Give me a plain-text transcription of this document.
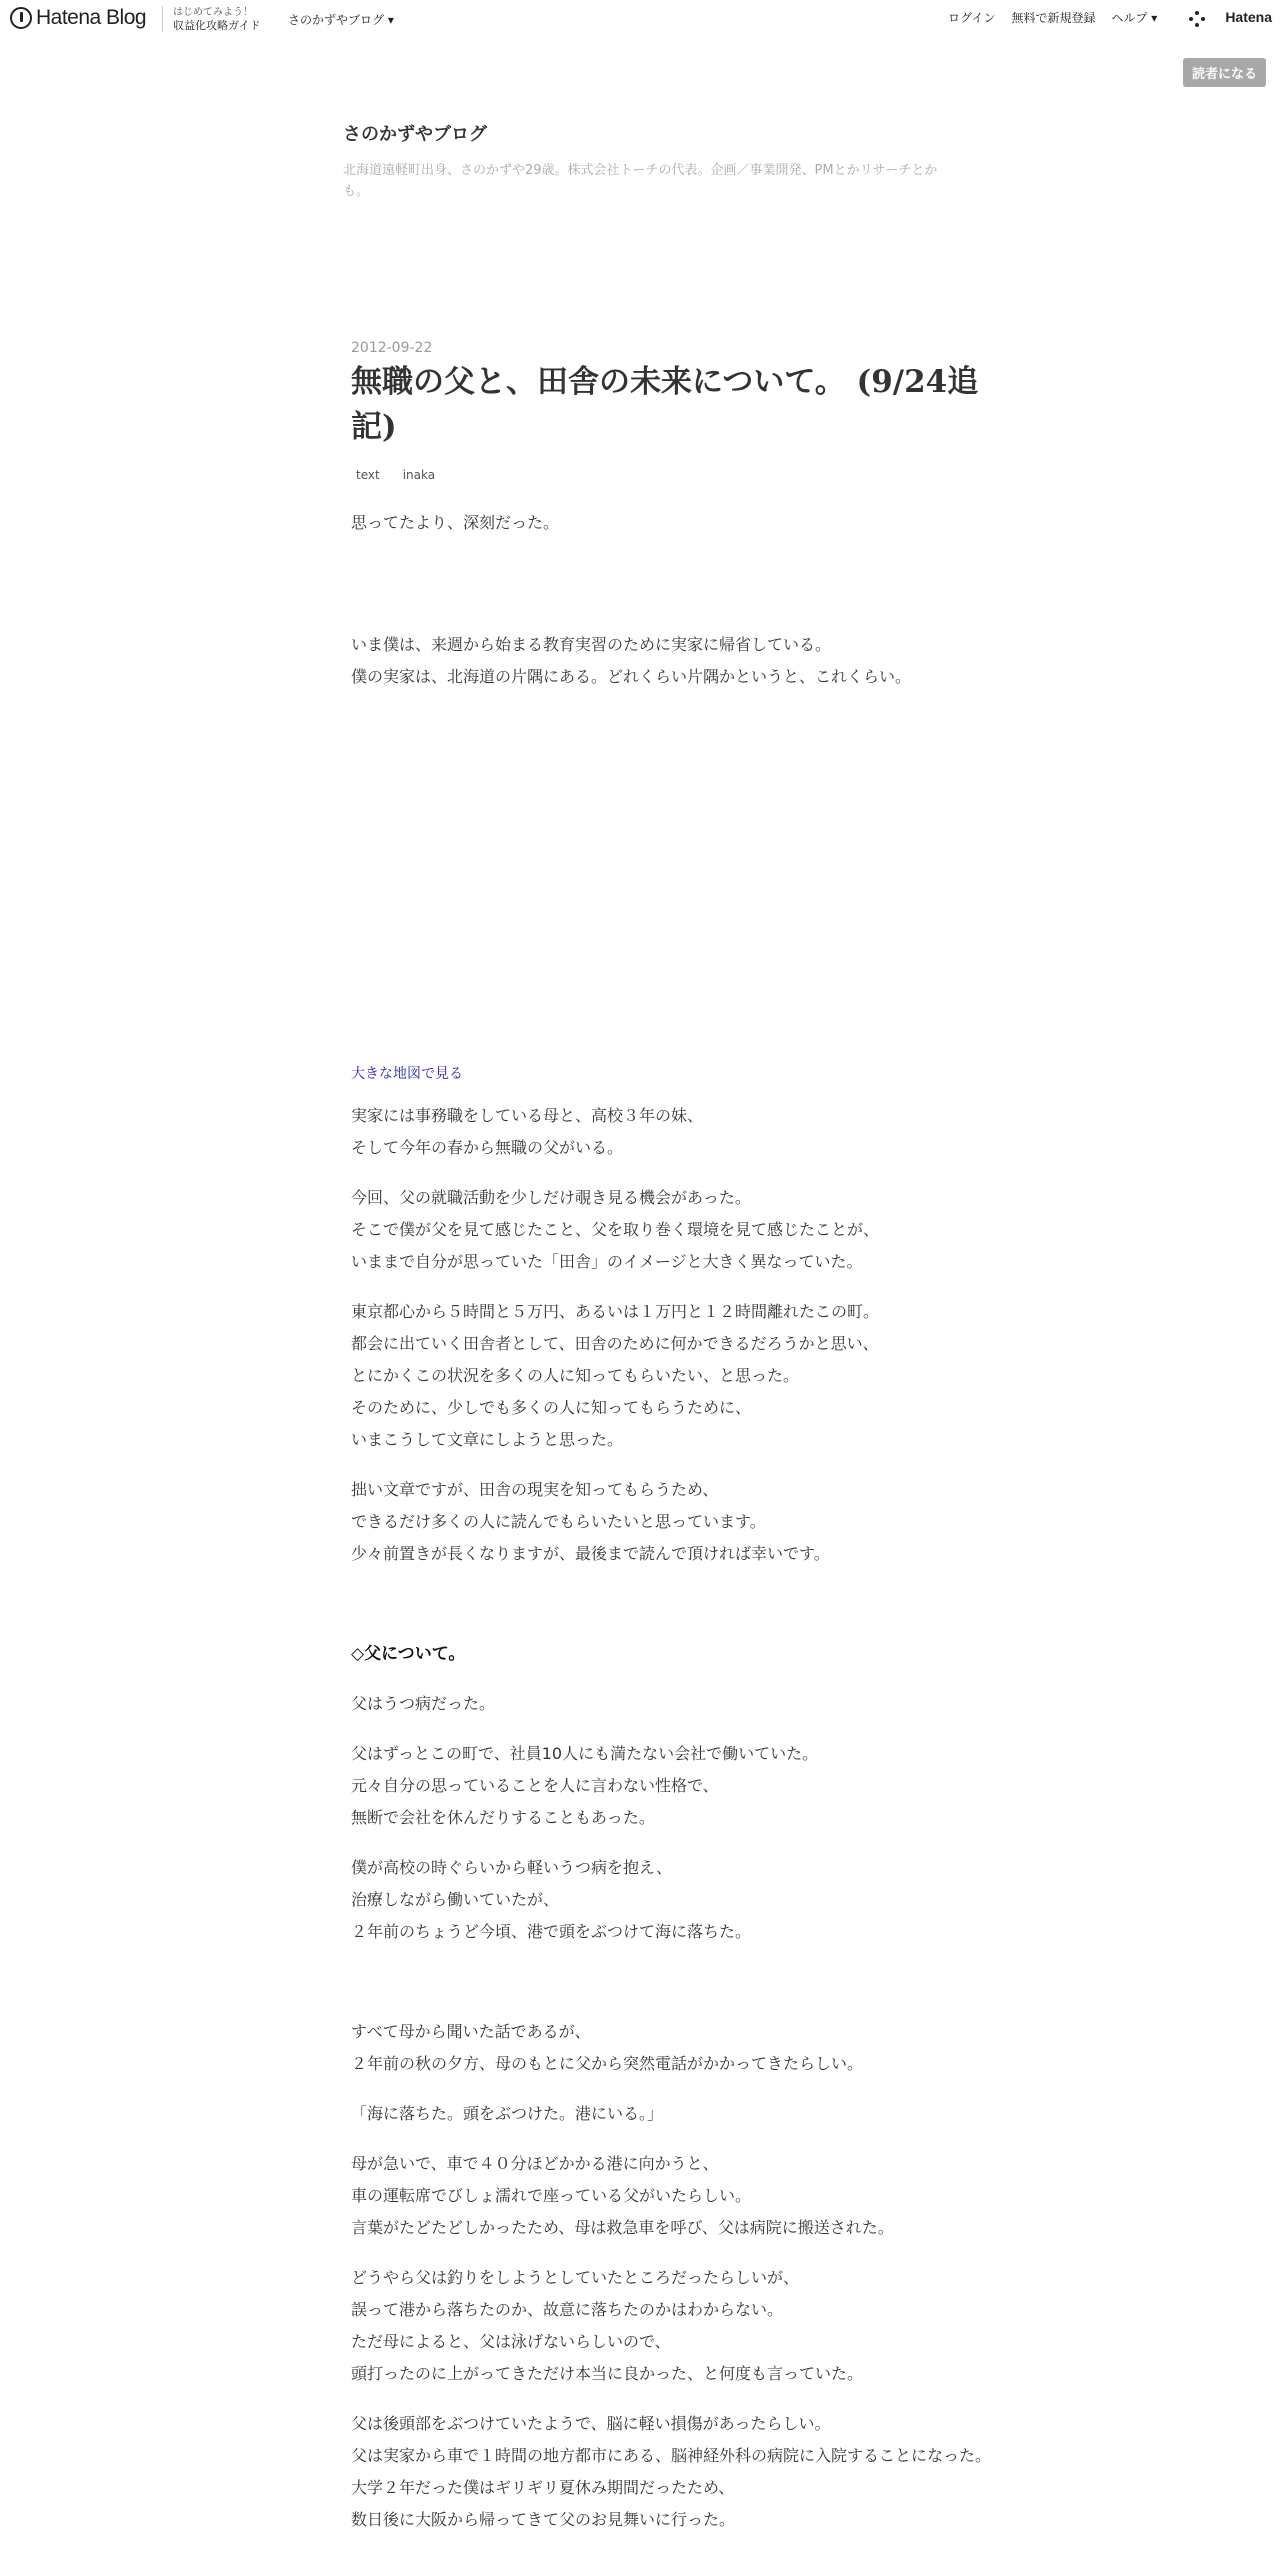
Hatena Blog	はじめてみよう！
収益化攻略ガイド さのかずやブログ ▾	ログイン 無料で新規登録 ヘルプ ▾	Hatena
読者になる
さのかずやブログ

北海道遠軽町出身、さのかずや29歳。株式会社トーチの代表。企画／事業開発、PMとかリサーチとかも。

2012-09-22
無職の父と、田舎の未来について。 (9/24追記)
text inaka

思ってたより、深刻だった。

いま僕は、来週から始まる教育実習のために実家に帰省している。
僕の実家は、北海道の片隅にある。どれくらい片隅かというと、これくらい。

大きな地図で見る

実家には事務職をしている母と、高校３年の妹、
そして今年の春から無職の父がいる。

今回、父の就職活動を少しだけ覗き見る機会があった。
そこで僕が父を見て感じたこと、父を取り巻く環境を見て感じたことが、
いままで自分が思っていた「田舎」のイメージと大きく異なっていた。

東京都心から５時間と５万円、あるいは１万円と１２時間離れたこの町。
都会に出ていく田舎者として、田舎のために何かできるだろうかと思い、
とにかくこの状況を多くの人に知ってもらいたい、と思った。
そのために、少しでも多くの人に知ってもらうために、
いまこうして文章にしようと思った。

拙い文章ですが、田舎の現実を知ってもらうため、
できるだけ多くの人に読んでもらいたいと思っています。
少々前置きが長くなりますが、最後まで読んで頂ければ幸いです。

◇父について。

父はうつ病だった。

父はずっとこの町で、社員10人にも満たない会社で働いていた。
元々自分の思っていることを人に言わない性格で、
無断で会社を休んだりすることもあった。

僕が高校の時ぐらいから軽いうつ病を抱え、
治療しながら働いていたが、
２年前のちょうど今頃、港で頭をぶつけて海に落ちた。

すべて母から聞いた話であるが、
２年前の秋の夕方、母のもとに父から突然電話がかかってきたらしい。

「海に落ちた。頭をぶつけた。港にいる。」

母が急いで、車で４０分ほどかかる港に向かうと、
車の運転席でびしょ濡れで座っている父がいたらしい。
言葉がたどたどしかったため、母は救急車を呼び、父は病院に搬送された。

どうやら父は釣りをしようとしていたところだったらしいが、
誤って港から落ちたのか、故意に落ちたのかはわからない。
ただ母によると、父は泳げないらしいので、
頭打ったのに上がってきただけ本当に良かった、と何度も言っていた。

父は後頭部をぶつけていたようで、脳に軽い損傷があったらしい。
父は実家から車で１時間の地方都市にある、脳神経外科の病院に入院することになった。
大学２年だった僕はギリギリ夏休み期間だったため、
数日後に大阪から帰ってきて父のお見舞いに行った。
